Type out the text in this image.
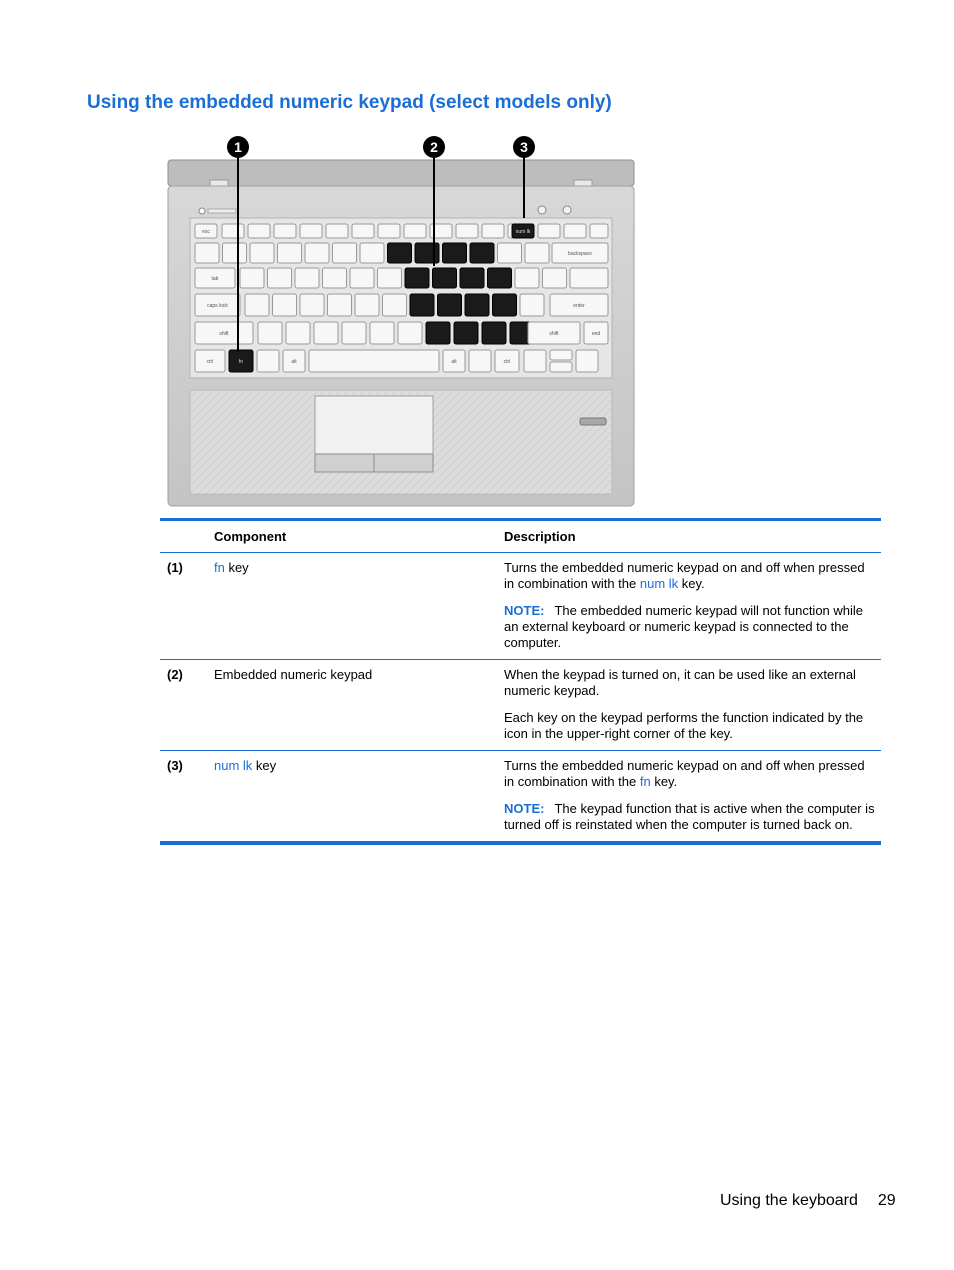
Using the embedded numeric keypad (select models only)
esc	num lk
backspace
tab
caps lock	enter
shift	shift	end
ctrl	fn	alt	alt	ctrl
1	2	3
Component	Description
(1)	fn key	Turns the embedded numeric keypad on and off when pressed in combination with the num lk key.

NOTE: The embedded numeric keypad will not function while an external keyboard or numeric keypad is connected to the computer.

(2)	Embedded numeric keypad	When the keypad is turned on, it can be used like an external numeric keypad.

Each key on the keypad performs the function indicated by the icon in the upper-right corner of the key.

(3)	num lk key	Turns the embedded numeric keypad on and off when pressed in combination with the fn key.

NOTE: The keypad function that is active when the computer is turned off is reinstated when the computer is turned back on.

Using the keyboard 29
